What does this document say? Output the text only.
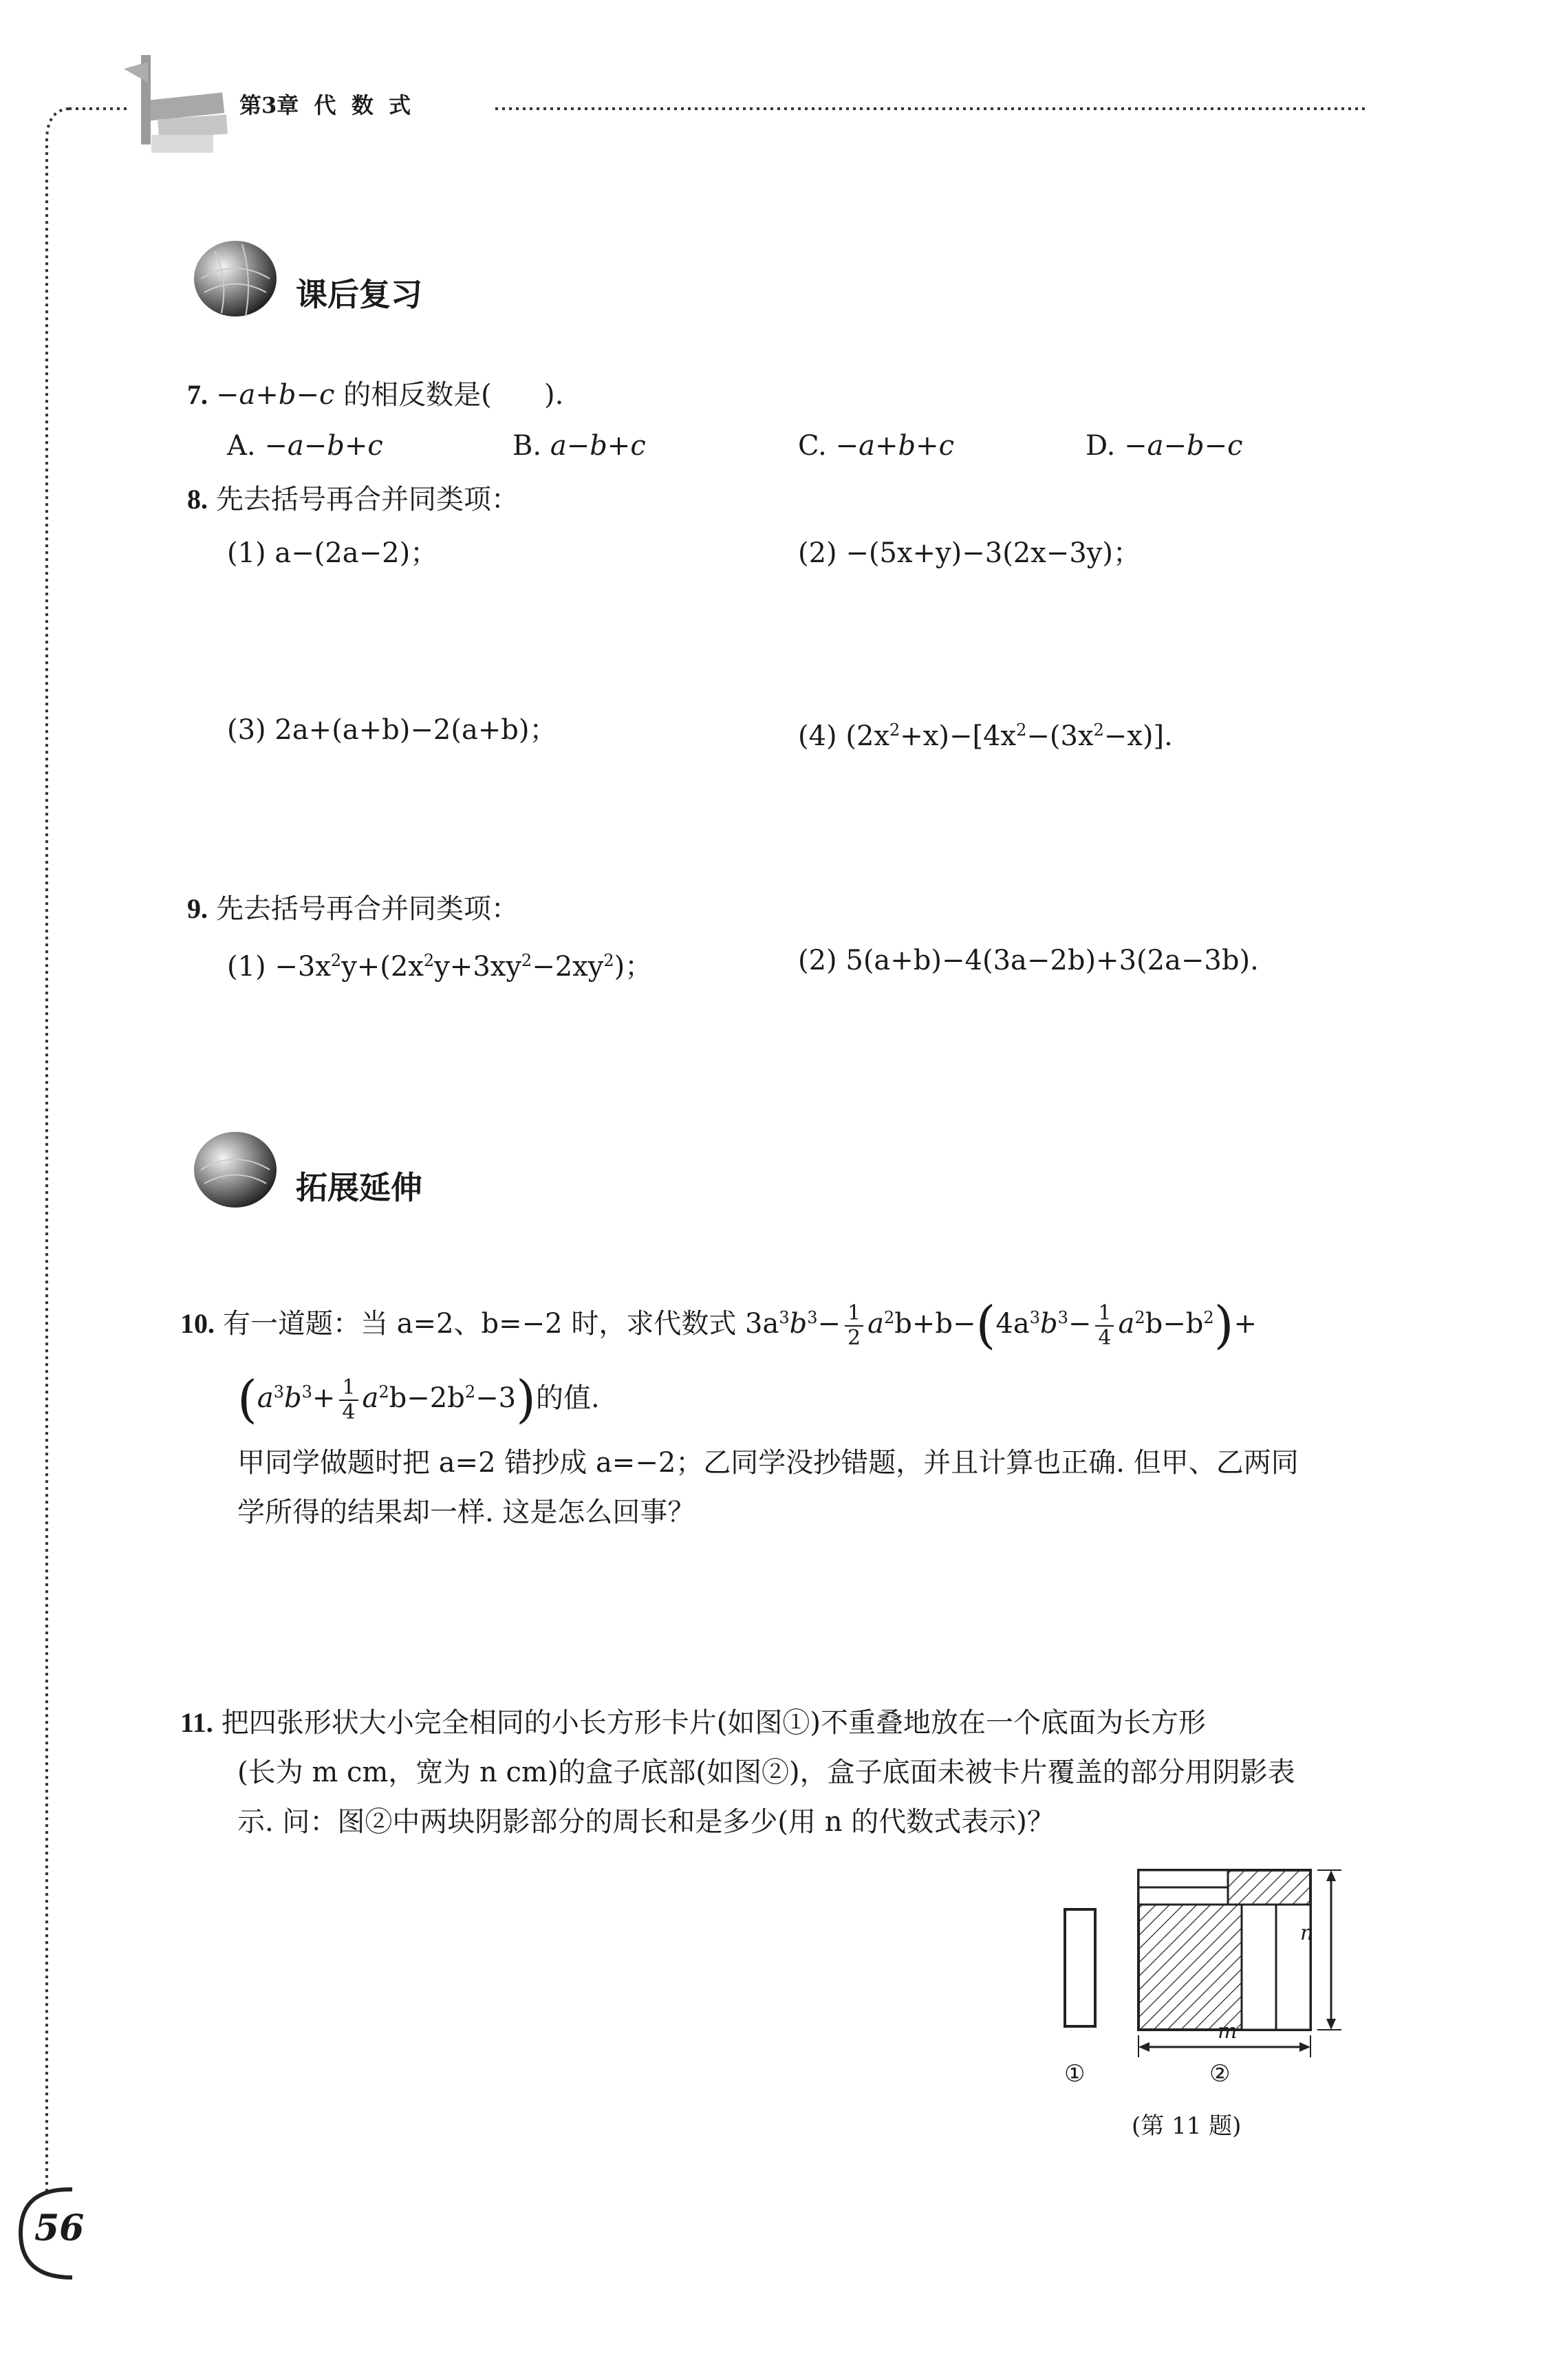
第3章  代  数  式
课后复习
7. −a+b−c 的相反数是(      ).
A. −a−b+c	B. a−b+c	C. −a+b+c	D. −a−b−c
8. 先去括号再合并同类项：
(1) a−(2a−2)；	(2) −(5x+y)−3(2x−3y)；
(3) 2a+(a+b)−2(a+b)；	(4) $(2x^2+x)-[4x^2-(3x^2-x)]$.
9. 先去括号再合并同类项：
$(1) -3x^2y+(2x^2y+3xy^2-2xy^2)$；	(2) 5(a+b)−4(3a−2b)+3(2a−3b).
拓展延伸
10. 有一道题：当 a=2、b=−2 时，求代数式 $3a^3b^3- \frac{1}{2} a^2b+b-(4a^3b^3- \frac{1}{4} a^2b-b^2)+$
$(a^3b^3+ \frac{1}{4} a^2b-2b^2-3)$的值.
甲同学做题时把 a=2 错抄成 a=−2；乙同学没抄错题，并且计算也正确. 但甲、乙两同
学所得的结果却一样. 这是怎么回事？
11. 把四张形状大小完全相同的小长方形卡片(如图①)不重叠地放在一个底面为长方形
(长为 m cm，宽为 n cm)的盒子底部(如图②)，盒子底面未被卡片覆盖的部分用阴影表
示. 问：图②中两块阴影部分的周长和是多少(用 n 的代数式表示)？
n
m
①	②
(第 11 题)
56
